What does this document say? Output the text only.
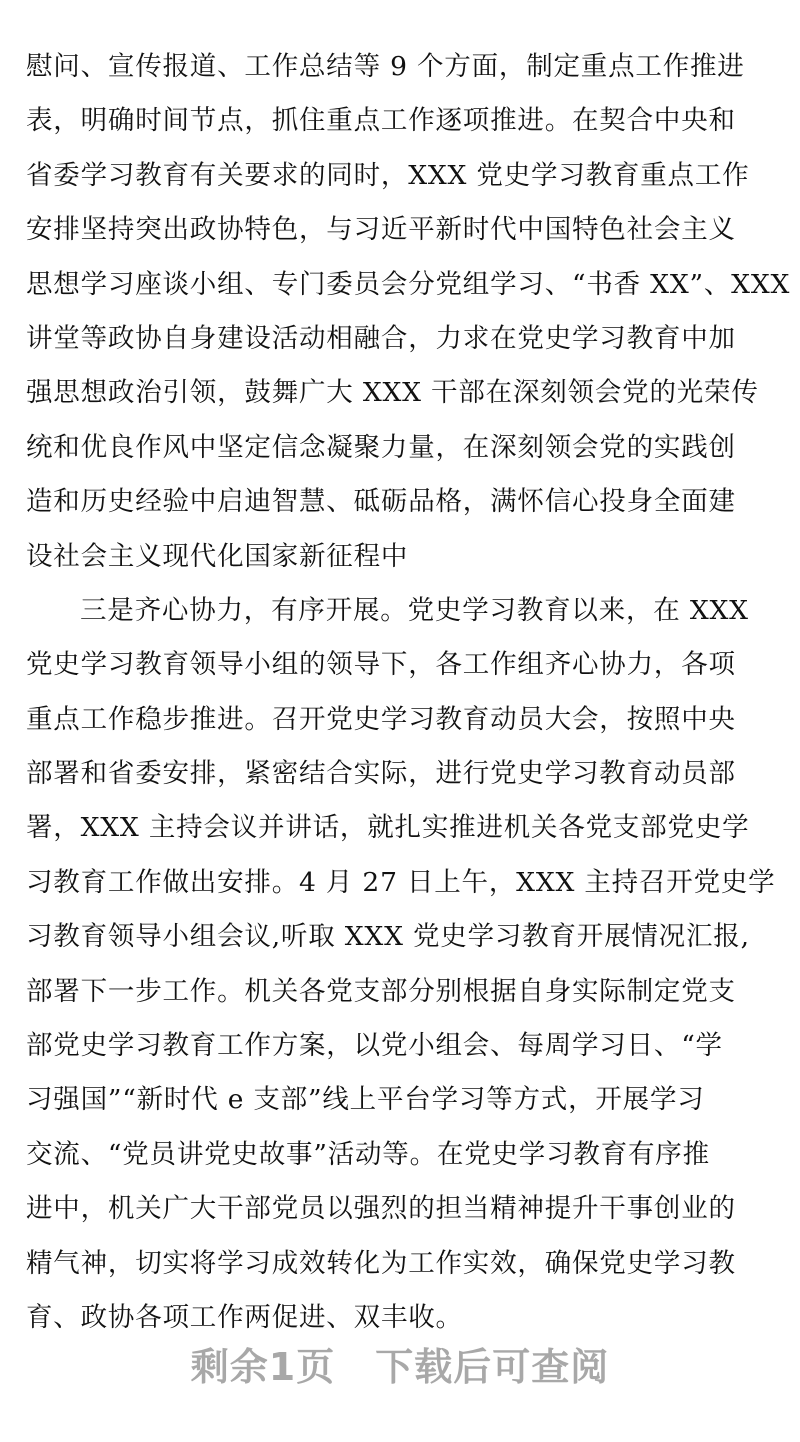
慰问、宣传报道、工作总结等 9 个方面，制定重点工作推进
表，明确时间节点，抓住重点工作逐项推进。在契合中央和
省委学习教育有关要求的同时，XXX 党史学习教育重点工作
安排坚持突出政协特色，与习近平新时代中国特色社会主义
思想学习座谈小组、专门委员会分党组学习、“书香 XX”、XXX
讲堂等政协自身建设活动相融合，力求在党史学习教育中加
强思想政治引领，鼓舞广大 XXX 干部在深刻领会党的光荣传
统和优良作风中坚定信念凝聚力量，在深刻领会党的实践创
造和历史经验中启迪智慧、砥砺品格，满怀信心投身全面建
设社会主义现代化国家新征程中
三是齐心协力，有序开展。党史学习教育以来，在 XXX
党史学习教育领导小组的领导下，各工作组齐心协力，各项
重点工作稳步推进。召开党史学习教育动员大会，按照中央
部署和省委安排，紧密结合实际，进行党史学习教育动员部
署，XXX 主持会议并讲话，就扎实推进机关各党支部党史学
习教育工作做出安排。4 月 27 日上午，XXX 主持召开党史学
习教育领导小组会议,听取 XXX 党史学习教育开展情况汇报,
部署下一步工作。机关各党支部分别根据自身实际制定党支
部党史学习教育工作方案，以党小组会、每周学习日、“学
习强国”“新时代 e 支部”线上平台学习等方式，开展学习
交流、“党员讲党史故事”活动等。在党史学习教育有序推
进中，机关广大干部党员以强烈的担当精神提升干事创业的
精气神，切实将学习成效转化为工作实效，确保党史学习教
育、政协各项工作两促进、双丰收。
剩余1页 下载后可查阅
